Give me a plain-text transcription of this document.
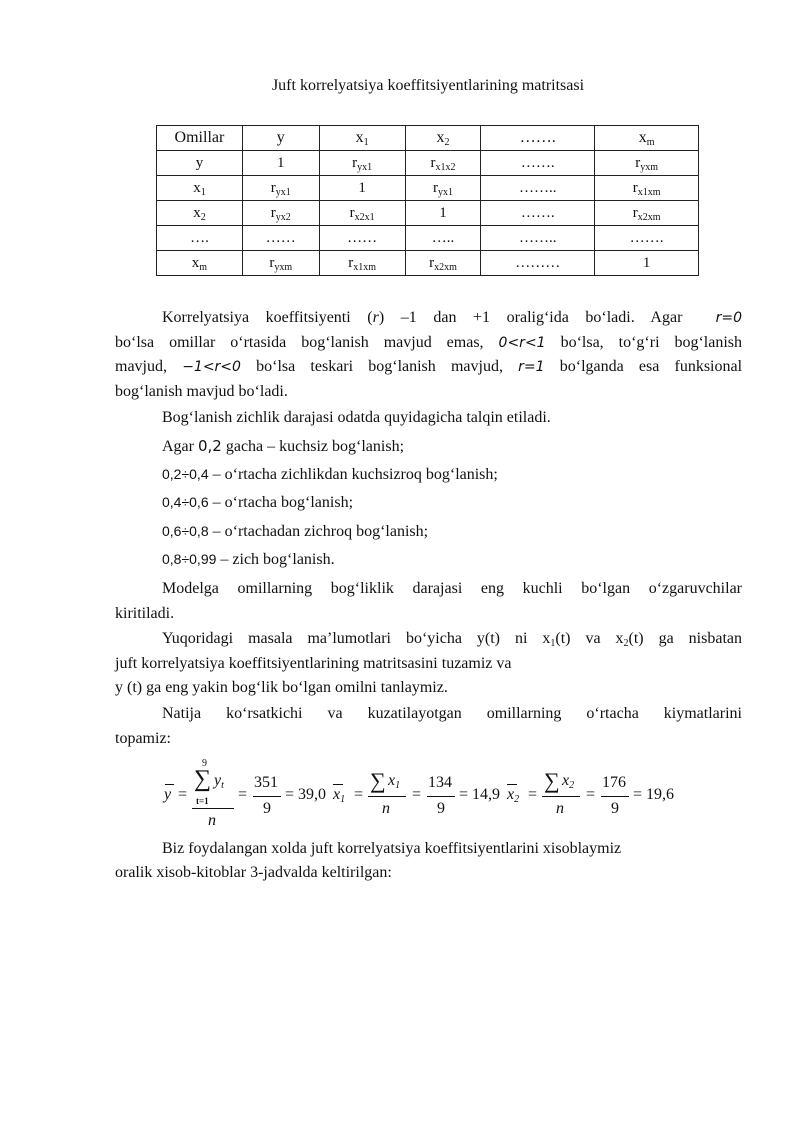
Juft korrelyatsiya koeffitsiyentlarining matritsasi
Omillar	y	$x_1$	$x_2$	…….	$x_m$
y	1	$r_{yx1}$	$r_{x1x2}$	…….	$r_{yxm}$
$x_1$	$r_{yx1}$	1	$r_{yx1}$	……..	$r_{x1xm}$
$x_2$	$r_{yx2}$	$r_{x2x1}$	1	…….	$r_{x2xm}$
….	……	……	…..	……..	…….
$x_m$	$r_{yxm}$	$r_{x1xm}$	$r_{x2xm}$	………	1
Korrelyatsiya koeffitsiyenti (r) –1 dan +1 oralig‘ida bo‘ladi. Agar r=0
bo‘lsa omillar o‘rtasida bog‘lanish mavjud emas, 0<r<1 bo‘lsa, to‘g‘ri bog‘lanish
mavjud, −1<r<0 bo‘lsa teskari bog‘lanish mavjud, r=1 bo‘lganda esa funksional
bog‘lanish mavjud bo‘ladi.
Bog‘lanish zichlik darajasi odatda quyidagicha talqin etiladi.
Agar 0,2 gacha – kuchsiz bog‘lanish;
0,2÷0,4 – o‘rtacha zichlikdan kuchsizroq bog‘lanish;
0,4÷0,6 – o‘rtacha bog‘lanish;
0,6÷0,8 – o‘rtachadan zichroq bog‘lanish;
0,8÷0,99 – zich bog‘lanish.
Modelga omillarning bog‘liklik darajasi eng kuchli bo‘lgan o‘zgaruvchilar
kiritiladi.
Yuqoridagi masala ma’lumotlari bo‘yicha y(t) ni $x_1(t)$ va $x_2(t)$ ga nisbatan
juft korrelyatsiya koeffitsiyentlarining matritsasini tuzamiz va
y (t) ga eng yakin bog‘lik bo‘lgan omilni tanlaymiz.
Natija ko‘rsatkichi va kuzatilayotgan omillarning o‘rtacha kiymatlarini
topamiz:
y =
9
∑ $y_t$
t=1
n
=
351
9
= 39,0 $x_1$ =
∑ $x_1$
n
=
134
9
= 14,9 $x_2$ =
∑ $x_2$
n
=
176
9
= 19,6
Biz foydalangan xolda juft korrelyatsiya koeffitsiyentlarini xisoblaymiz
oralik xisob-kitoblar 3-jadvalda keltirilgan:
